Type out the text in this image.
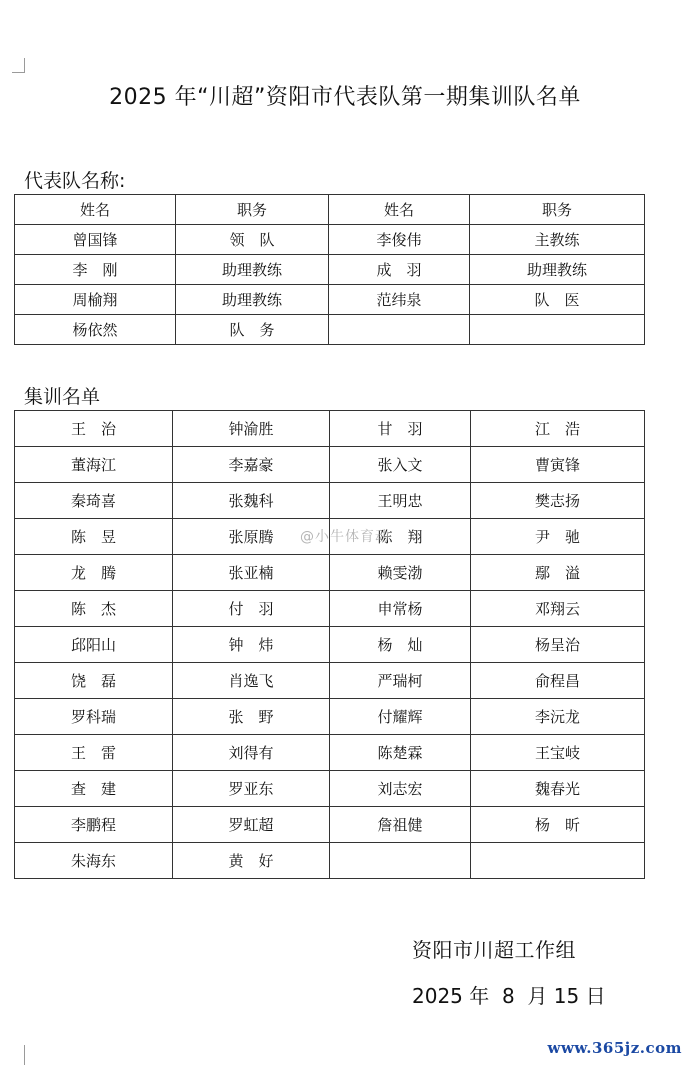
2025 年“川超”资阳市代表队第一期集训队名单
代表队名称:
姓名	职务	姓名	职务
曾国锋	领　队	李俊伟	主教练
李　刚	助理教练	成　羽	助理教练
周榆翔	助理教练	范纬泉	队　医
杨依然	队　务		
集训名单
王　治	钟渝胜	甘　羽	江　浩
董海江	李嘉豪	张入文	曹寅锋
秦琦喜	张魏科	王明忠	樊志扬
陈　昱	张原腾	陈　翔	尹　驰
龙　腾	张亚楠	赖雯渤	鄢　溢
陈　杰	付　羽	申常杨	邓翔云
邱阳山	钟　炜	杨　灿	杨呈治
饶　磊	肖逸飞	严瑞柯	俞程昌
罗科瑞	张　野	付耀辉	李沅龙
王　雷	刘得有	陈楚霖	王宝岐
查　建	罗亚东	刘志宏	魏春光
李鹏程	罗虹超	詹祖健	杨　昕
朱海东	黄　好		
@小牛体育动
资阳市川超工作组
2025 年  8  月 15 日
www.365jz.com
